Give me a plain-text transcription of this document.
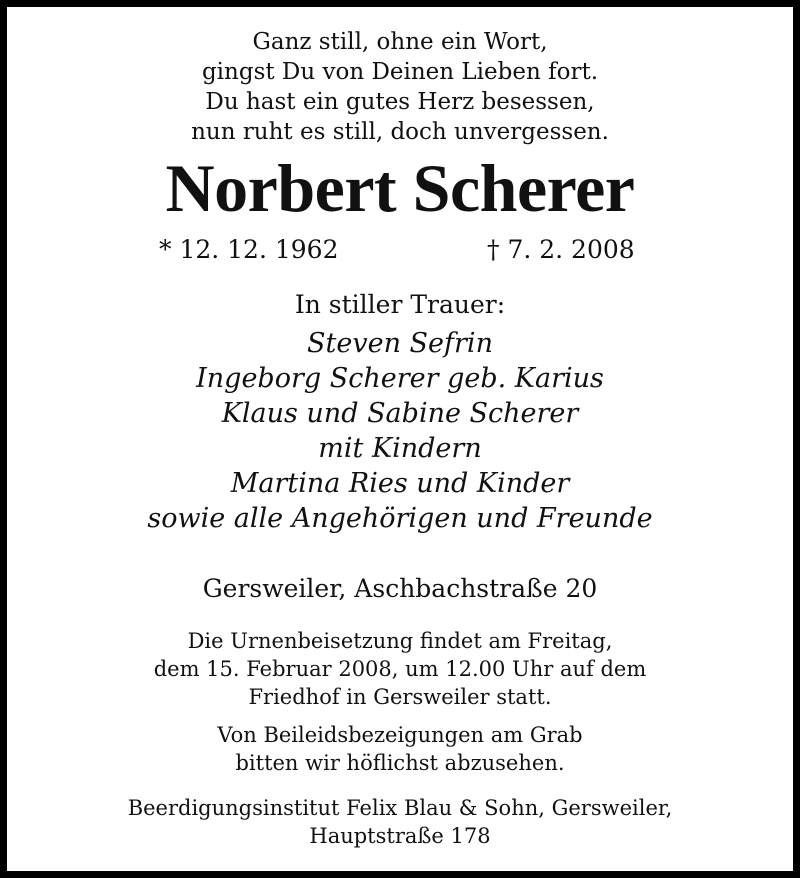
Ganz still, ohne ein Wort,

gingst Du von Deinen Lieben fort.

Du hast ein gutes Herz besessen,

nun ruht es still, doch unvergessen.

Norbert Scherer
* 12. 12. 1962	† 7. 2. 2008

In stiller Trauer:

Steven Sefrin

Ingeborg Scherer geb. Karius

Klaus und Sabine Scherer

mit Kindern

Martina Ries und Kinder

sowie alle Angehörigen und Freunde

Gersweiler, Aschbachstraße 20

Die Urnenbeisetzung findet am Freitag,

dem 15. Februar 2008, um 12.00 Uhr auf dem

Friedhof in Gersweiler statt.

Von Beileidsbezeigungen am Grab

bitten wir höflichst abzusehen.

Beerdigungsinstitut Felix Blau & Sohn, Gersweiler,

Hauptstraße 178
